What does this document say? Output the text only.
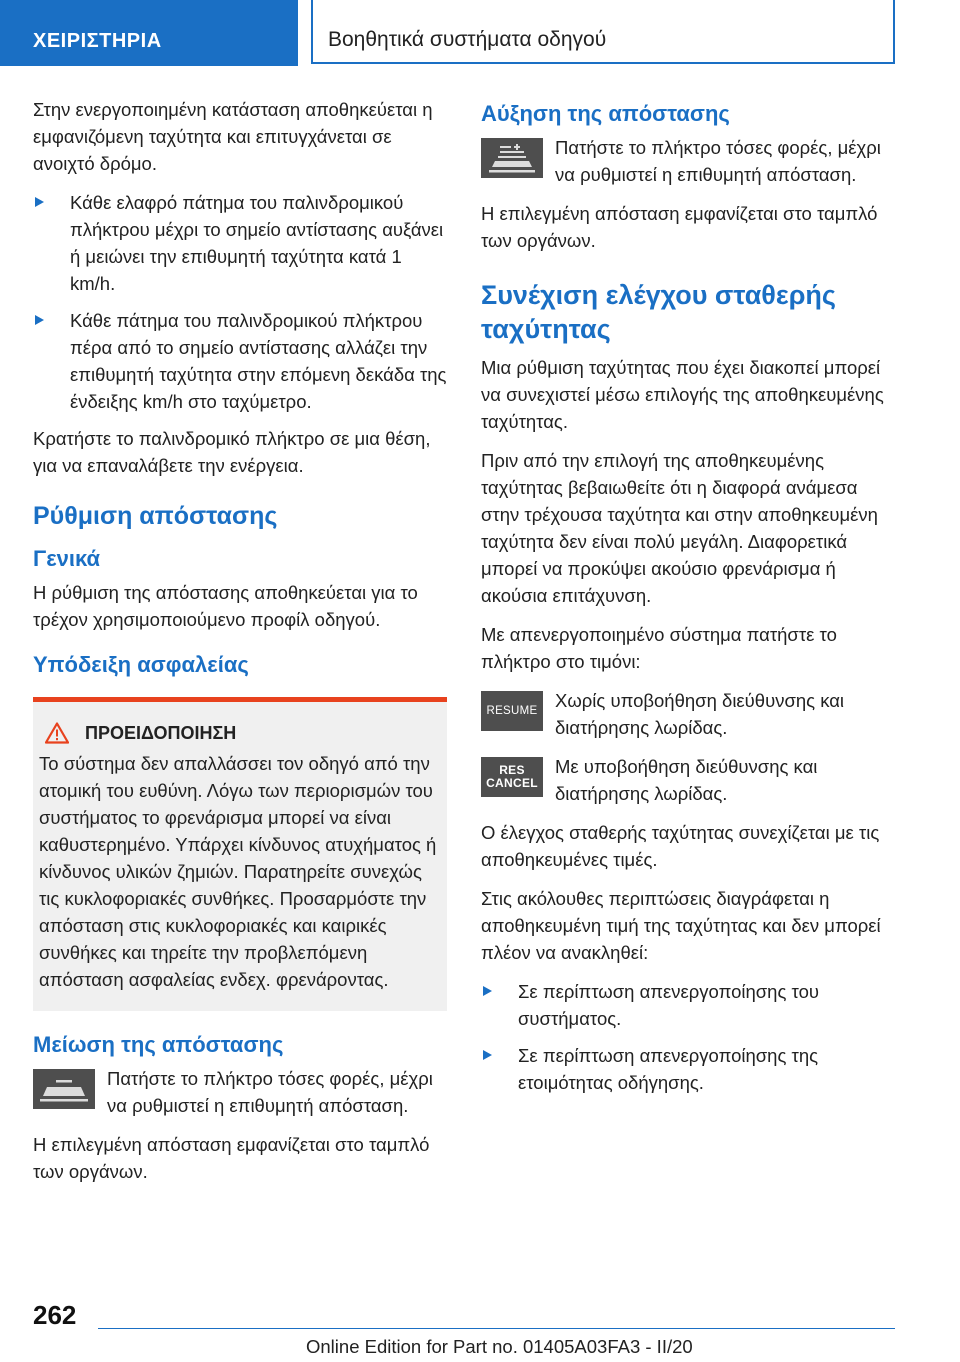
ΧΕΙΡΙΣΤΗΡΙΑ	Βοηθητικά συστήματα οδηγού

Στην ενεργοποιημένη κατάσταση αποθηκεύεται η εμφανιζόμενη ταχύτητα και επιτυγχάνεται σε ανοιχτό δρόμο.

Κάθε ελαφρό πάτημα του παλινδρομικού πλήκτρου μέχρι το σημείο αντίστασης αυξάνει ή μειώνει την επιθυμητή ταχύτητα κατά 1 km/h.
Κάθε πάτημα του παλινδρομικού πλήκτρου πέρα από το σημείο αντίστασης αλλάζει την επιθυμητή ταχύτητα στην επόμενη δεκάδα της ένδειξης km/h στο ταχύμετρο.

Κρατήστε το παλινδρομικό πλήκτρο σε μια θέση, για να επαναλάβετε την ενέργεια.

Ρύθμιση απόστασης
Γενικά

Η ρύθμιση της απόστασης αποθηκεύεται για το τρέχον χρησιμοποιούμενο προφίλ οδηγού.

Υπόδειξη ασφαλείας
ΠΡΟΕΙΔΟΠΟΙΗΣΗ

Το σύστημα δεν απαλλάσσει τον οδηγό από την ατομική του ευθύνη. Λόγω των περιορισμών του συστήματος το φρενάρισμα μπορεί να είναι καθυστερημένο. Υπάρχει κίνδυνος ατυχήματος ή κίνδυνος υλικών ζημιών. Παρατηρείτε συνεχώς τις κυκλοφοριακές συνθήκες. Προσαρμόστε την απόσταση στις κυκλοφοριακές και καιρικές συνθήκες και τηρείτε την προβλεπόμενη απόσταση ασφαλείας ενδεχ. φρενάροντας.

Μείωση της απόστασης

Πατήστε το πλήκτρο τόσες φορές, μέχρι να ρυθμιστεί η επιθυμητή απόσταση.

Η επιλεγμένη απόσταση εμφανίζεται στο ταμπλό των οργάνων.

Αύξηση της απόστασης

Πατήστε το πλήκτρο τόσες φορές, μέχρι να ρυθμιστεί η επιθυμητή απόσταση.

Η επιλεγμένη απόσταση εμφανίζεται στο ταμπλό των οργάνων.

Συνέχιση ελέγχου σταθερής ταχύτητας

Μια ρύθμιση ταχύτητας που έχει διακοπεί μπορεί να συνεχιστεί μέσω επιλογής της αποθηκευμένης ταχύτητας.

Πριν από την επιλογή της αποθηκευμένης ταχύτητας βεβαιωθείτε ότι η διαφορά ανάμεσα στην τρέχουσα ταχύτητα και στην αποθηκευμένη ταχύτητα δεν είναι πολύ μεγάλη. Διαφορετικά μπορεί να προκύψει ακούσιο φρενάρισμα ή ακούσια επιτάχυνση.

Με απενεργοποιημένο σύστημα πατήστε το πλήκτρο στο τιμόνι:

RESUME Χωρίς υποβοήθηση διεύθυνσης και διατήρησης λωρίδας.

RES
CANCEL

Με υποβοήθηση διεύθυνσης και διατήρησης λωρίδας.

Ο έλεγχος σταθερής ταχύτητας συνεχίζεται με τις αποθηκευμένες τιμές.

Στις ακόλουθες περιπτώσεις διαγράφεται η αποθηκευμένη τιμή της ταχύτητας και δεν μπορεί πλέον να ανακληθεί:

Σε περίπτωση απενεργοποίησης του συστήματος.
Σε περίπτωση απενεργοποίησης της ετοιμότητας οδήγησης.
262
Online Edition for Part no. 01405A03FA3 - II/20
